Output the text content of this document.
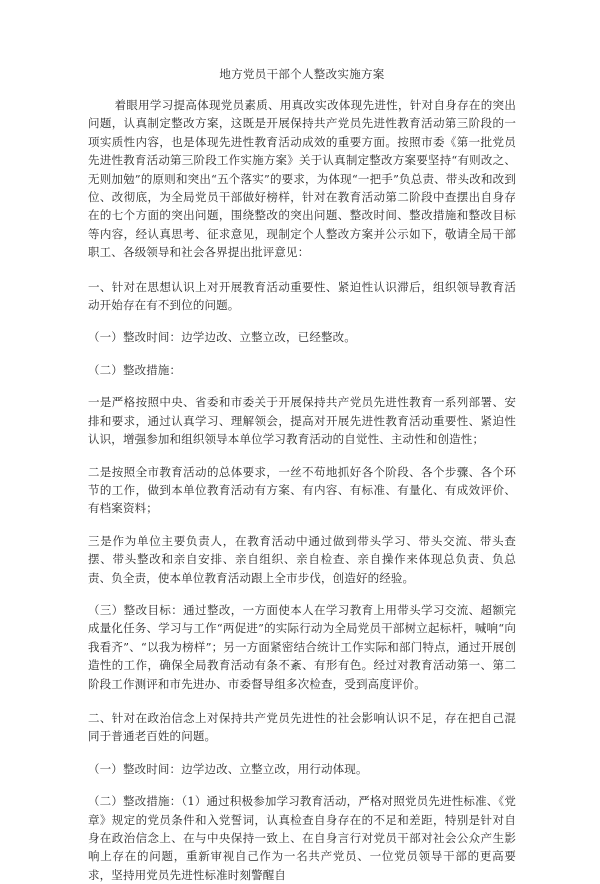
地方党员干部个人整改实施方案

着眼用学习提高体现党员素质、用真改实改体现先进性，针对自身存在的突出问题，认真制定整改方案，这既是开展保持共产党员先进性教育活动第三阶段的一项实质性内容，也是体现先进性教育活动成效的重要方面。按照市委《第一批党员先进性教育活动第三阶段工作实施方案》关于认真制定整改方案要坚持“有则改之、无则加勉”的原则和突出“五个落实”的要求，为体现“一把手”负总责、带头改和改到位、改彻底，为全局党员干部做好榜样，针对在教育活动第二阶段中查摆出自身存在的七个方面的突出问题，围绕整改的突出问题、整改时间、整改措施和整改目标等内容，经认真思考、征求意见，现制定个人整改方案并公示如下，敬请全局干部职工、各级领导和社会各界提出批评意见：

一、针对在思想认识上对开展教育活动重要性、紧迫性认识滞后，组织领导教育活动开始存在有不到位的问题。

（一）整改时间：边学边改、立整立改，已经整改。

（二）整改措施：

一是严格按照中央、省委和市委关于开展保持共产党员先进性教育一系列部署、安排和要求，通过认真学习、理解领会，提高对开展先进性教育活动重要性、紧迫性认识，增强参加和组织领导本单位学习教育活动的自觉性、主动性和创造性；

二是按照全市教育活动的总体要求，一丝不苟地抓好各个阶段、各个步骤、各个环节的工作，做到本单位教育活动有方案、有内容、有标准、有量化、有成效评价、有档案资料；

三是作为单位主要负责人，在教育活动中通过做到带头学习、带头交流、带头查摆、带头整改和亲自安排、亲自组织、亲自检查、亲自操作来体现总负责、负总责、负全责，使本单位教育活动跟上全市步伐，创造好的经验。

（三）整改目标：通过整改，一方面使本人在学习教育上用带头学习交流、超额完成量化任务、学习与工作“两促进”的实际行动为全局党员干部树立起标杆，喊响“向我看齐”、“以我为榜样”；另一方面紧密结合统计工作实际和部门特点，通过开展创造性的工作，确保全局教育活动有条不紊、有形有色。经过对教育活动第一、第二阶段工作测评和市先进办、市委督导组多次检查，受到高度评价。

二、针对在政治信念上对保持共产党员先进性的社会影响认识不足，存在把自己混同于普通老百姓的问题。

（一）整改时间：边学边改、立整立改，用行动体现。

（二）整改措施：（1）通过积极参加学习教育活动，严格对照党员先进性标准、《党章》规定的党员条件和入党誓词，认真检查自身存在的不足和差距，特别是针对自身在政治信念上、在与中央保持一致上、在自身言行对党员干部对社会公众产生影响上存在的问题，重新审视自己作为一名共产党员、一位党员领导干部的更高要求，坚持用党员先进性标准时刻警醒自
